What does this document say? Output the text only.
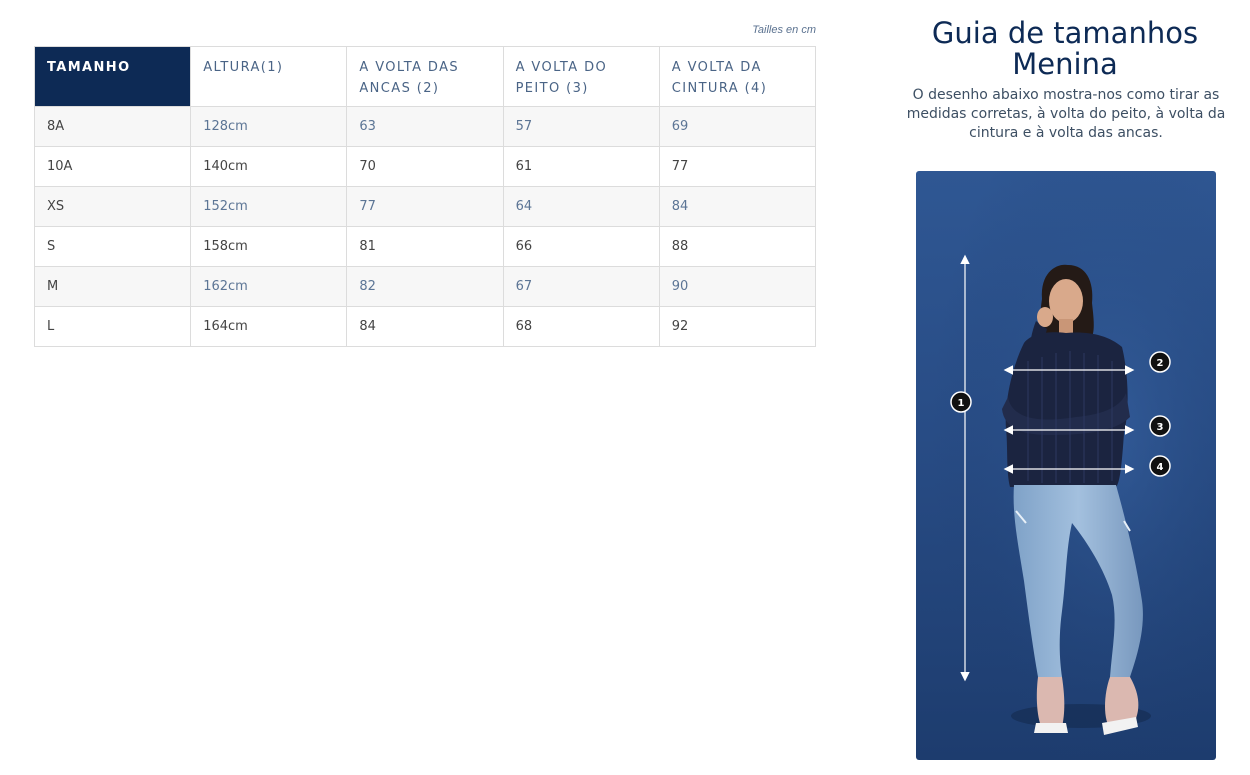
Tailles en cm
TAMANHO	ALTURA(1)	A VOLTA DAS ANCAS (2)	A VOLTA DO PEITO (3)	A VOLTA DA CINTURA (4)
8A	128cm	63	57	69
10A	140cm	70	61	77
XS	152cm	77	64	84
S	158cm	81	66	88
M	162cm	82	67	90
L	164cm	84	68	92
Guia de tamanhos
Menina

O desenho abaixo mostra-nos como tirar as medidas corretas, à volta do peito, à volta da cintura e à volta das ancas.

1
2
3
4
